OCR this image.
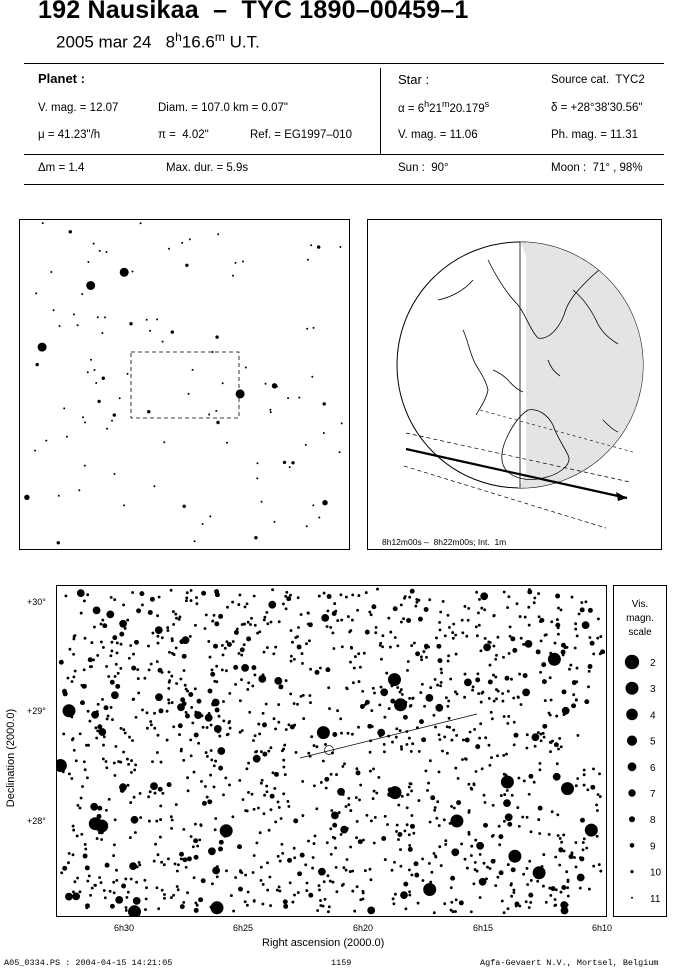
192 Nausikaa  –  TYC 1890–00459–1
2005 mar 24 8$^h$16.6$^m$ U.T.
Planet :
V. mag. = 12.07	Diam. = 107.0 km = 0.07"
μ = 41.23"/h	π =  4.02"	Ref. = EG1997–010
Star :	Source cat.  TYC2
$\alpha = 6^h21^m20.179^s$	δ = +28°38'30.56"
V. mag. = 11.06	Ph. mag. = 11.31
Δm = 1.4	Max. dur. = 5.9s	Sun :  90°	Moon :  71° , 98%
8h12m00s –  8h22m00s; Int.  1m
Declination (2000.0)
+30°
+29°
+28°
6h30	6h25	6h20	6h15	6h10
Right ascension (2000.0)
Vis.
magn.
scale
2
3
4
5
6
7
8
9
10
11
A05_0334.PS : 2004-04-15 14:21:05	1159	Agfa-Gevaert N.V., Mortsel, Belgium
